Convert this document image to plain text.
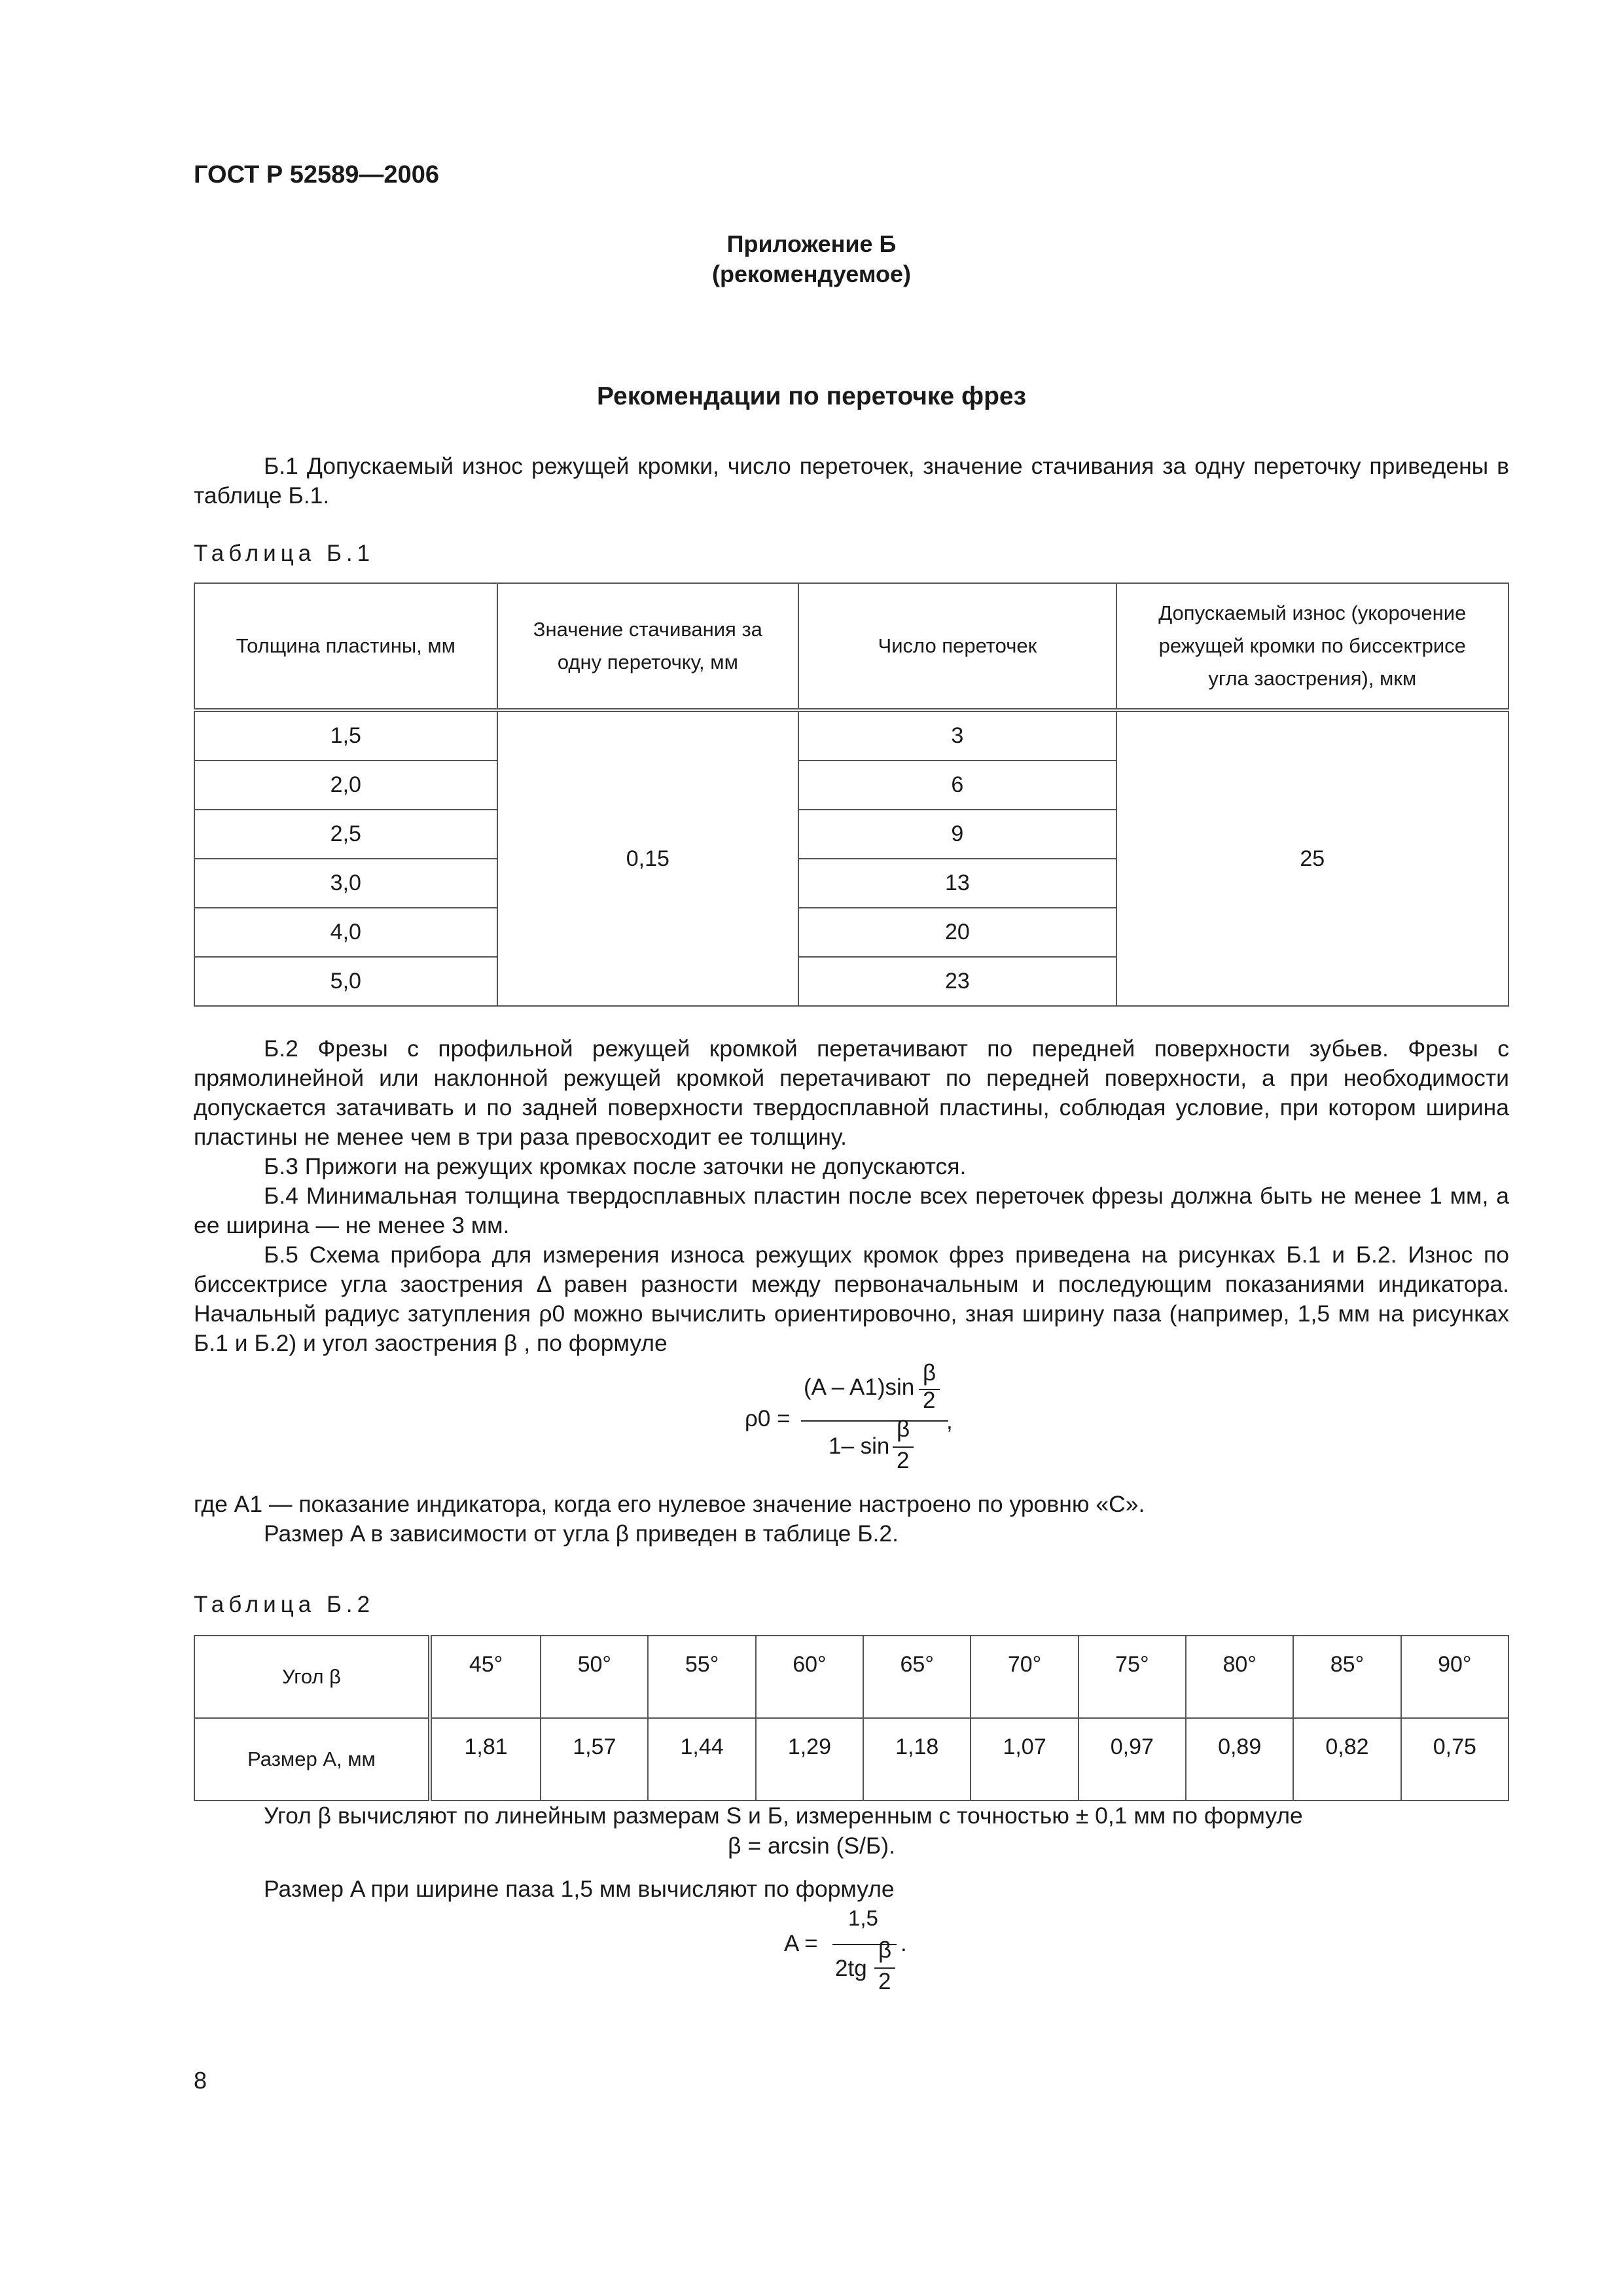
ГОСТ Р 52589—2006
Приложение Б
(рекомендуемое)
Рекомендации по переточке фрез
Б.1 Допускаемый износ режущей кромки, число переточек, значение стачивания за одну переточку приведены в таблице Б.1.
Таблица Б.1
Толщина пластины, мм	Значение стачивания за одну переточку, мм	Число переточек	Допускаемый износ (укорочение режущей кромки по биссектрисе угла заострения), мкм
1,5	0,15	3	25
2,0		6	
2,5		9	
3,0		13	
4,0		20	
5,0		23	
Б.2 Фрезы с профильной режущей кромкой перетачивают по передней поверхности зубьев. Фрезы с прямолинейной или наклонной режущей кромкой перетачивают по передней поверхности, а при необходимости допускается затачивать и по задней поверхности твердосплавной пластины, соблюдая условие, при котором ширина пластины не менее чем в три раза превосходит ее толщину.
Б.3 Прижоги на режущих кромках после заточки не допускаются.
Б.4 Минимальная толщина твердосплавных пластин после всех переточек фрезы должна быть не менее 1 мм, а ее ширина — не менее 3 мм.
Б.5 Схема прибора для измерения износа режущих кромок фрез приведена на рисунках Б.1 и Б.2. Износ по биссектрисе угла заострения Δ равен разности между первоначальным и последующим показаниями индикатора. Начальный радиус затупления ρ0 можно вычислить ориентировочно, зная ширину паза (например, 1,5 мм на рисунках Б.1 и Б.2) и угол заострения β , по формуле
ρ0 =
(A – A1)sin
β
2
1– sin
β
2
,
где A1 — показание индикатора, когда его нулевое значение настроено по уровню «С».
Размер A в зависимости от угла β приведен в таблице Б.2.
Таблица Б.2
Угол β	45°	50°	55°	60°	65°	70°	75°	80°	85°	90°
Размер A, мм	1,81	1,57	1,44	1,29	1,18	1,07	0,97	0,89	0,82	0,75
Угол β вычисляют по линейным размерам S и Б, измеренным с точностью ± 0,1 мм по формуле
β = arcsin (S/Б).
Размер A при ширине паза 1,5 мм вычисляют по формуле
A =
1,5
2tg
β
2
.
8
